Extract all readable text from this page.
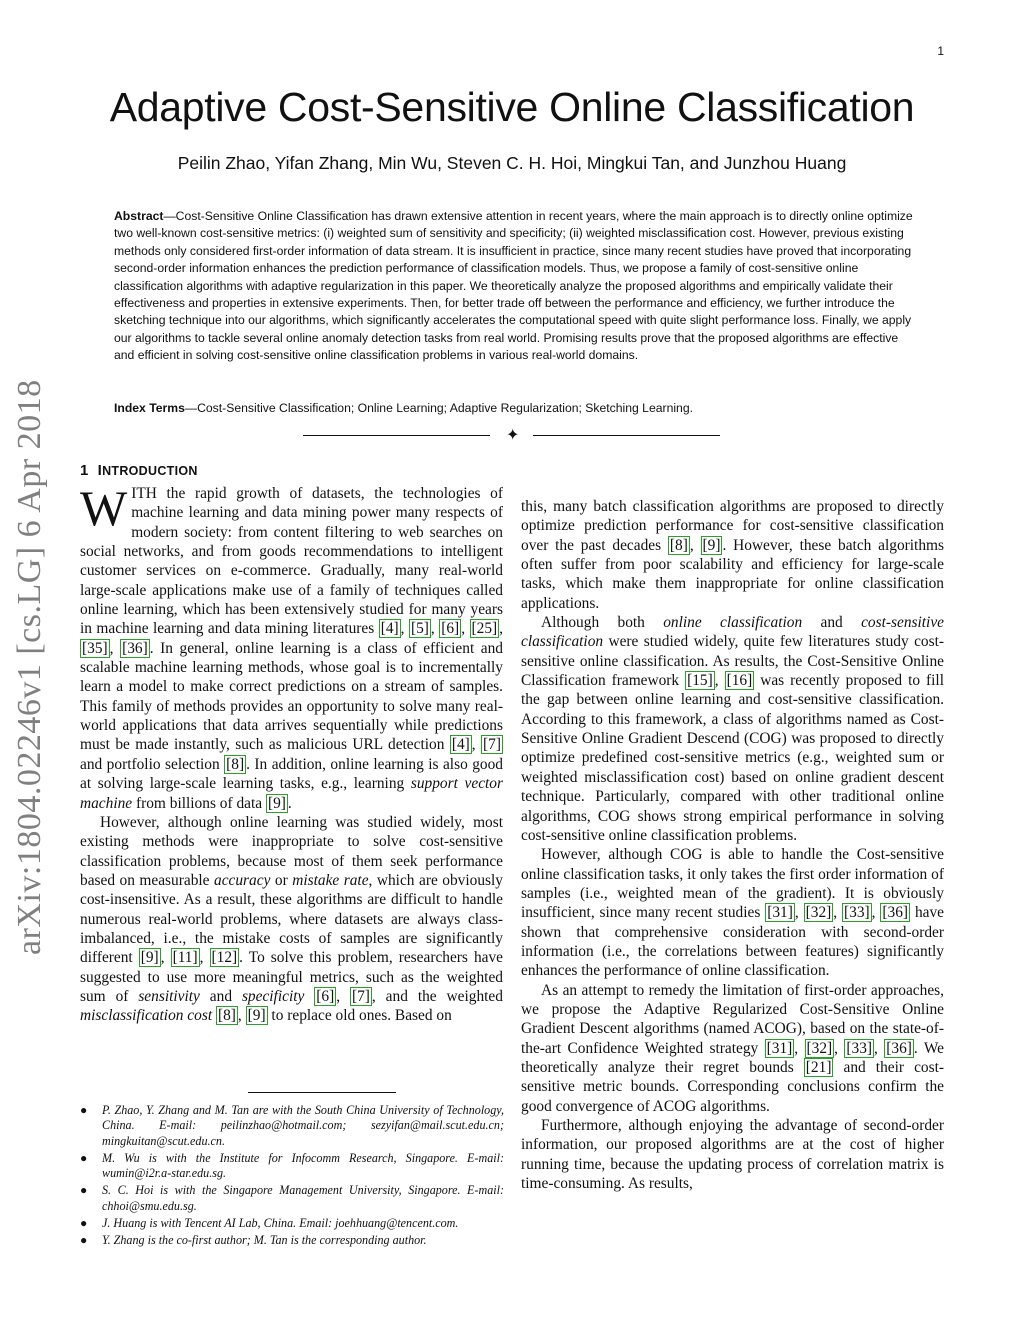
1
arXiv:1804.02246v1 [cs.LG] 6 Apr 2018
Adaptive Cost-Sensitive Online Classification
Peilin Zhao, Yifan Zhang, Min Wu, Steven C. H. Hoi, Mingkui Tan, and Junzhou Huang
Abstract—Cost-Sensitive Online Classification has drawn extensive attention in recent years, where the main approach is to directly online optimize two well-known cost-sensitive metrics: (i) weighted sum of sensitivity and specificity; (ii) weighted misclassification cost. However, previous existing methods only considered first-order information of data stream. It is insufficient in practice, since many recent studies have proved that incorporating second-order information enhances the prediction performance of classification models. Thus, we propose a family of cost-sensitive online classification algorithms with adaptive regularization in this paper. We theoretically analyze the proposed algorithms and empirically validate their effectiveness and properties in extensive experiments. Then, for better trade off between the performance and efficiency, we further introduce the sketching technique into our algorithms, which significantly accelerates the computational speed with quite slight performance loss. Finally, we apply our algorithms to tackle several online anomaly detection tasks from real world. Promising results prove that the proposed algorithms are effective and efficient in solving cost-sensitive online classification problems in various real-world domains.
Index Terms—Cost-Sensitive Classification; Online Learning; Adaptive Regularization; Sketching Learning.
✦
1 INTRODUCTION

WITH the rapid growth of datasets, the technologies of machine learning and data mining power many respects of modern society: from content filtering to web searches on social networks, and from goods recommendations to intelligent customer services on e-commerce. Gradually, many real-world large-scale applications make use of a family of techniques called online learning, which has been extensively studied for many years in machine learning and data mining literatures [4] , [5] , [6] , [25] , [35] , [36] . In general, online learning is a class of efficient and scalable machine learning methods, whose goal is to incrementally learn a model to make correct predictions on a stream of samples. This family of methods provides an opportunity to solve many real-world applications that data arrives sequentially while predictions must be made instantly, such as malicious URL detection [4] , [7] and portfolio selection [8] . In addition, online learning is also good at solving large-scale learning tasks, e.g., learning support vector machine from billions of data [9] .

However, although online learning was studied widely, most existing methods were inappropriate to solve cost-sensitive classification problems, because most of them seek performance based on measurable accuracy or mistake rate, which are obviously cost-insensitive. As a result, these algorithms are difficult to handle numerous real-world problems, where datasets are always class-imbalanced, i.e., the mistake costs of samples are significantly different [9] , [11] , [12] . To solve this problem, researchers have suggested to use more meaningful metrics, such as the weighted sum of sensitivity and specificity [6] , [7] , and the weighted misclassification cost [8] , [9] to replace old ones. Based on

this, many batch classification algorithms are proposed to directly optimize prediction performance for cost-sensitive classification over the past decades [8] , [9] . However, these batch algorithms often suffer from poor scalability and efficiency for large-scale tasks, which make them inappropriate for online classification applications.

Although both online classification and cost-sensitive classification were studied widely, quite few literatures study cost-sensitive online classification. As results, the Cost-Sensitive Online Classification framework [15] , [16] was recently proposed to fill the gap between online learning and cost-sensitive classification. According to this framework, a class of algorithms named as Cost-Sensitive Online Gradient Descend (COG) was proposed to directly optimize predefined cost-sensitive metrics (e.g., weighted sum or weighted misclassification cost) based on online gradient descent technique. Particularly, compared with other traditional online algorithms, COG shows strong empirical performance in solving cost-sensitive online classification problems.

However, although COG is able to handle the Cost-sensitive online classification tasks, it only takes the first order information of samples (i.e., weighted mean of the gradient). It is obviously insufficient, since many recent studies [31] , [32] , [33] , [36] have shown that comprehensive consideration with second-order information (i.e., the correlations between features) significantly enhances the performance of online classification.

As an attempt to remedy the limitation of first-order approaches, we propose the Adaptive Regularized Cost-Sensitive Online Gradient Descent algorithms (named ACOG), based on the state-of-the-art Confidence Weighted strategy [31] , [32] , [33] , [36] . We theoretically analyze their regret bounds [21] and their cost-sensitive metric bounds. Corresponding conclusions confirm the good convergence of ACOG algorithms.

Furthermore, although enjoying the advantage of second-order information, our proposed algorithms are at the cost of higher running time, because the updating process of correlation matrix is time-consuming. As results,

● P. Zhao, Y. Zhang and M. Tan are with the South China University of Technology, China. E-mail: peilinzhao@hotmail.com; sezyifan@mail.scut.edu.cn; mingkuitan@scut.edu.cn.
● M. Wu is with the Institute for Infocomm Research, Singapore. E-mail: wumin@i2r.a-star.edu.sg.
● S. C. Hoi is with the Singapore Management University, Singapore. E-mail: chhoi@smu.edu.sg.
● J. Huang is with Tencent AI Lab, China. Email: joehhuang@tencent.com.
● Y. Zhang is the co-first author; M. Tan is the corresponding author.
